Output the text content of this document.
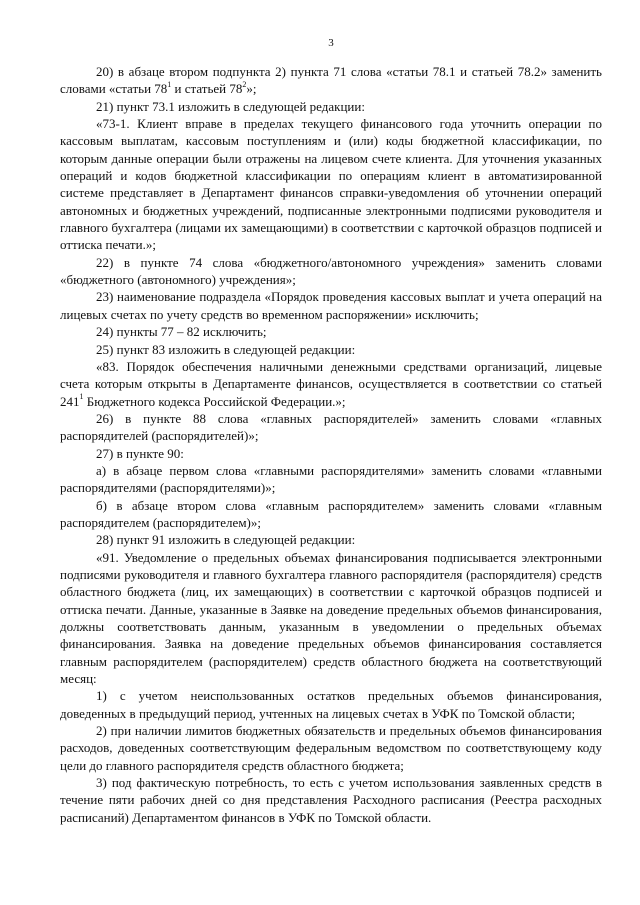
3

20) в абзаце втором подпункта 2) пункта 71 слова «статьи 78.1 и статьей 78.2» заменить словами «статьи $78^1$ и статьей $78^2$»;

21) пункт 73.1 изложить в следующей редакции:

«73-1. Клиент вправе в пределах текущего финансового года уточнить операции по кассовым выплатам, кассовым поступлениям и (или) коды бюджетной классификации, по которым данные операции были отражены на лицевом счете клиента. Для уточнения указанных операций и кодов бюджетной классификации по операциям клиент в автоматизированной системе представляет в Департамент финансов справки-уведомления об уточнении операций автономных и бюджетных учреждений, подписанные электронными подписями руководителя и главного бухгалтера (лицами их замещающими) в соответствии с карточкой образцов подписей и оттиска печати.»;

22) в пункте 74 слова «бюджетного/автономного учреждения» заменить словами «бюджетного (автономного) учреждения»;

23) наименование подраздела «Порядок проведения кассовых выплат и учета операций на лицевых счетах по учету средств во временном распоряжении» исключить;

24) пункты 77 – 82 исключить;

25) пункт 83 изложить в следующей редакции:

«83. Порядок обеспечения наличными денежными средствами организаций, лицевые счета которым открыты в Департаменте финансов, осуществляется в соответствии со статьей $241^1$ Бюджетного кодекса Российской Федерации.»;

26) в пункте 88 слова «главных распорядителей» заменить словами «главных распорядителей (распорядителей)»;

27) в пункте 90:

а) в абзаце первом слова «главными распорядителями» заменить словами «главными распорядителями (распорядителями)»;

б) в абзаце втором слова «главным распорядителем» заменить словами «главным распорядителем (распорядителем)»;

28) пункт 91 изложить в следующей редакции:

«91. Уведомление о предельных объемах финансирования подписывается электронными подписями руководителя и главного бухгалтера главного распорядителя (распорядителя) средств областного бюджета (лиц, их замещающих) в соответствии с карточкой образцов подписей и оттиска печати. Данные, указанные в Заявке на доведение предельных объемов финансирования, должны соответствовать данным, указанным в уведомлении о предельных объемах финансирования. Заявка на доведение предельных объемов финансирования составляется главным распорядителем (распорядителем) средств областного бюджета на соответствующий месяц:

1) с учетом неиспользованных остатков предельных объемов финансирования, доведенных в предыдущий период, учтенных на лицевых счетах в УФК по Томской области;

2) при наличии лимитов бюджетных обязательств и предельных объемов финансирования расходов, доведенных соответствующим федеральным ведомством по соответствующему коду цели до главного распорядителя средств областного бюджета;

3) под фактическую потребность, то есть с учетом использования заявленных средств в течение пяти рабочих дней со дня представления Расходного расписания (Реестра расходных расписаний) Департаментом финансов в УФК по Томской области.
